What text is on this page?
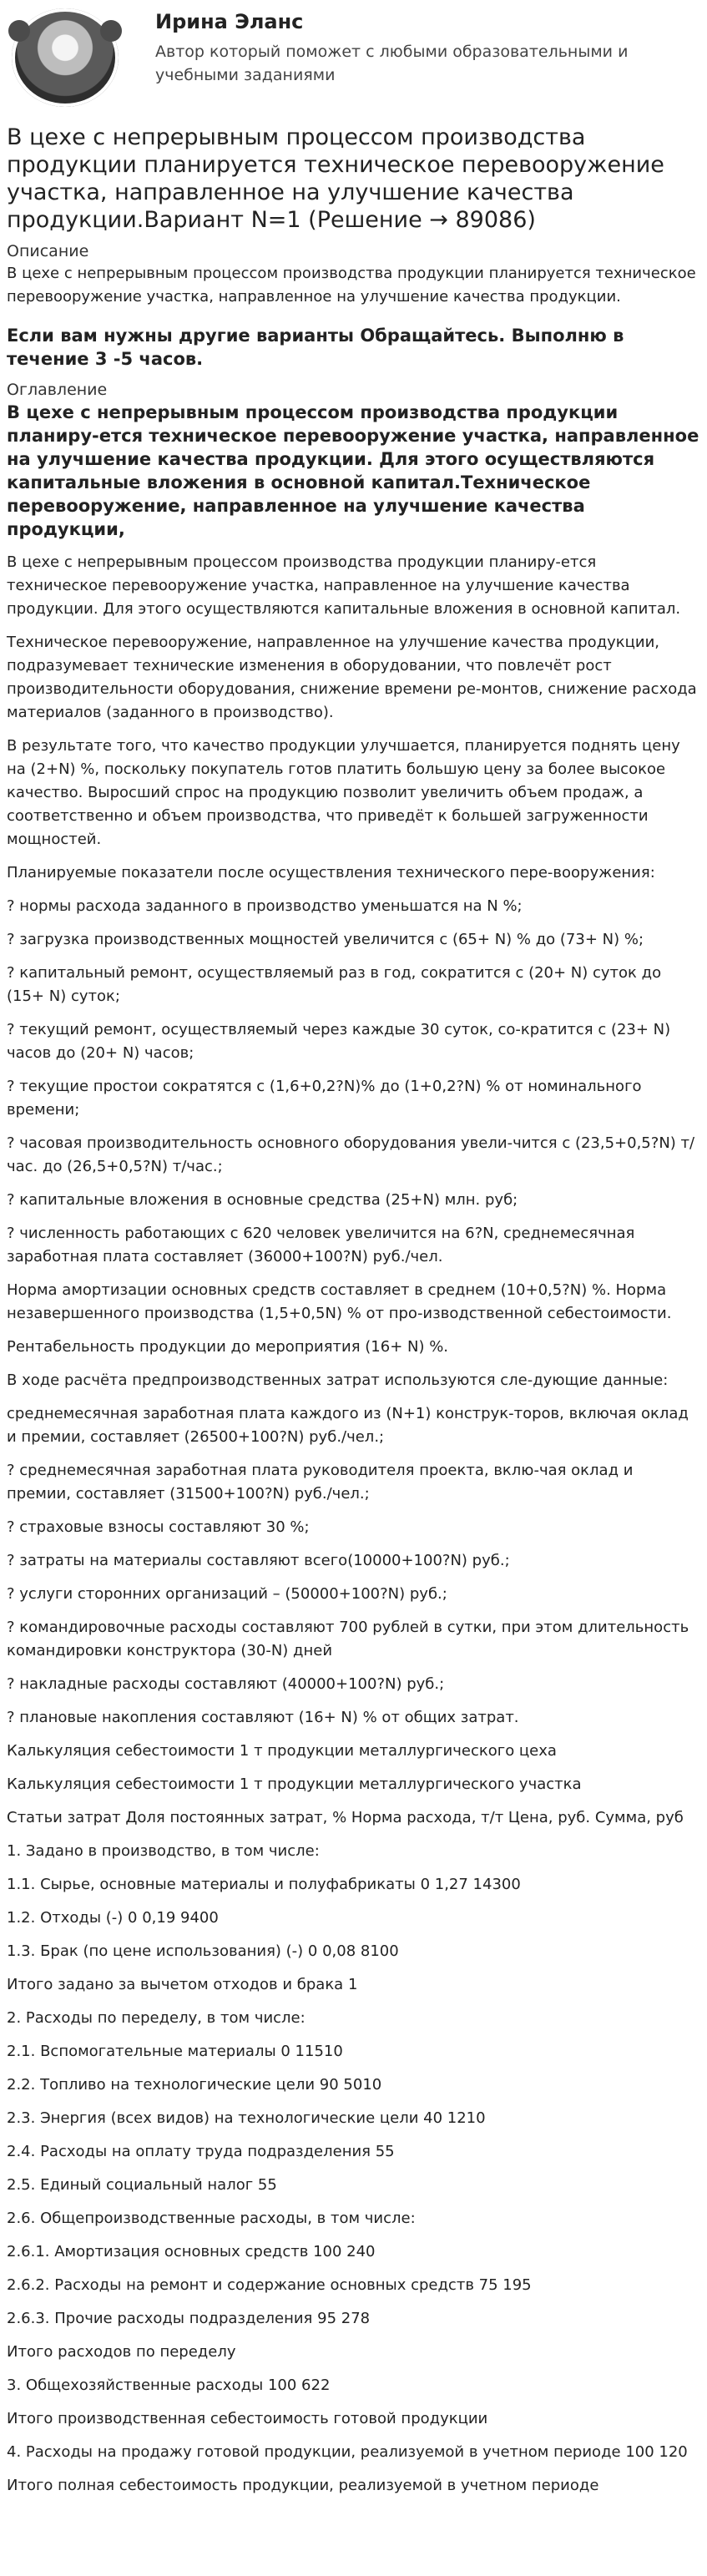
Ирина Эланс
Автор который поможет с любыми образовательными и учебными заданиями
В цехе с непрерывным процессом производства продукции планируется техническое перевооружение участка, направленное на улучшение качества продукции.Вариант N=1 (Решение → 89086)
Описание
В цехе с непрерывным процессом производства продукции планируется техническое перевооружение участка, направленное на улучшение качества продукции.
Если вам нужны другие варианты Обращайтесь. Выполню в течение 3 -5 часов.
Оглавление
В цехе с непрерывным процессом производства продукции планиру-ется техническое перевооружение участка, направленное на улучшение качества продукции. Для этого осуществляются капитальные вложения в основной капитал.Техническое перевооружение, направленное на улучшение качества продукции,

В цехе с непрерывным процессом производства продукции планиру-ется техническое перевооружение участка, направленное на улучшение качества продукции. Для этого осуществляются капитальные вложения в основной капитал.

Техническое перевооружение, направленное на улучшение качества продукции, подразумевает технические изменения в оборудовании, что повлечёт рост производительности оборудования, снижение времени ре-монтов, снижение расхода материалов (заданного в производство).

В результате того, что качество продукции улучшается, планируется поднять цену на (2+N) %, поскольку покупатель готов платить большую цену за более высокое качество. Выросший спрос на продукцию позволит увеличить объем продаж, а соответственно и объем производства, что приведёт к большей загруженности мощностей.

Планируемые показатели после осуществления технического пере-вооружения:

? нормы расхода заданного в производство уменьшатся на N %;

? загрузка производственных мощностей увеличится с (65+ N) % до (73+ N) %;

? капитальный ремонт, осуществляемый раз в год, сократится с (20+ N) суток до (15+ N) суток;

? текущий ремонт, осуществляемый через каждые 30 суток, со-кратится с (23+ N) часов до (20+ N) часов;

? текущие простои сократятся с (1,6+0,2?N)% до (1+0,2?N) % от номинального времени;

? часовая производительность основного оборудования увели-чится с (23,5+0,5?N) т/час. до (26,5+0,5?N) т/час.;

? капитальные вложения в основные средства (25+N) млн. руб;

? численность работающих с 620 человек увеличится на 6?N, среднемесячная заработная плата составляет (36000+100?N) руб./чел.

Норма амортизации основных средств составляет в среднем (10+0,5?N) %. Норма незавершенного производства (1,5+0,5N) % от про-изводственной себестоимости.

Рентабельность продукции до мероприятия (16+ N) %.

В ходе расчёта предпроизводственных затрат используются сле-дующие данные:

среднемесячная заработная плата каждого из (N+1) конструк-торов, включая оклад и премии, составляет (26500+100?N) руб./чел.;

? среднемесячная заработная плата руководителя проекта, вклю-чая оклад и премии, составляет (31500+100?N) руб./чел.;

? страховые взносы составляют 30 %;

? затраты на материалы составляют всего(10000+100?N) руб.;

? услуги сторонних организаций – (50000+100?N) руб.;

? командировочные расходы составляют 700 рублей в сутки, при этом длительность командировки конструктора (30-N) дней

? накладные расходы составляют (40000+100?N) руб.;

? плановые накопления составляют (16+ N) % от общих затрат.

Калькуляция себестоимости 1 т продукции металлургического цеха

Калькуляция себестоимости 1 т продукции металлургического участка

Статьи затрат Доля постоянных затрат, % Норма расхода, т/т Цена, руб. Сумма, руб

1. Задано в производство, в том числе:

1.1. Сырье, основные материалы и полуфабрикаты 0 1,27 14300

1.2. Отходы (-) 0 0,19 9400

1.3. Брак (по цене использования) (-) 0 0,08 8100

Итого задано за вычетом отходов и брака 1

2. Расходы по переделу, в том числе:

2.1. Вспомогательные материалы 0 11510

2.2. Топливо на технологические цели 90 5010

2.3. Энергия (всех видов) на технологические цели 40 1210

2.4. Расходы на оплату труда подразделения 55

2.5. Единый социальный налог 55

2.6. Общепроизводственные расходы, в том числе:

2.6.1. Амортизация основных средств 100 240

2.6.2. Расходы на ремонт и содержание основных средств 75 195

2.6.3. Прочие расходы подразделения 95 278

Итого расходов по переделу

3. Общехозяйственные расходы 100 622

Итого производственная себестоимость готовой продукции

4. Расходы на продажу готовой продукции, реализуемой в учетном периоде 100 120

Итого полная себестоимость продукции, реализуемой в учетном периоде
